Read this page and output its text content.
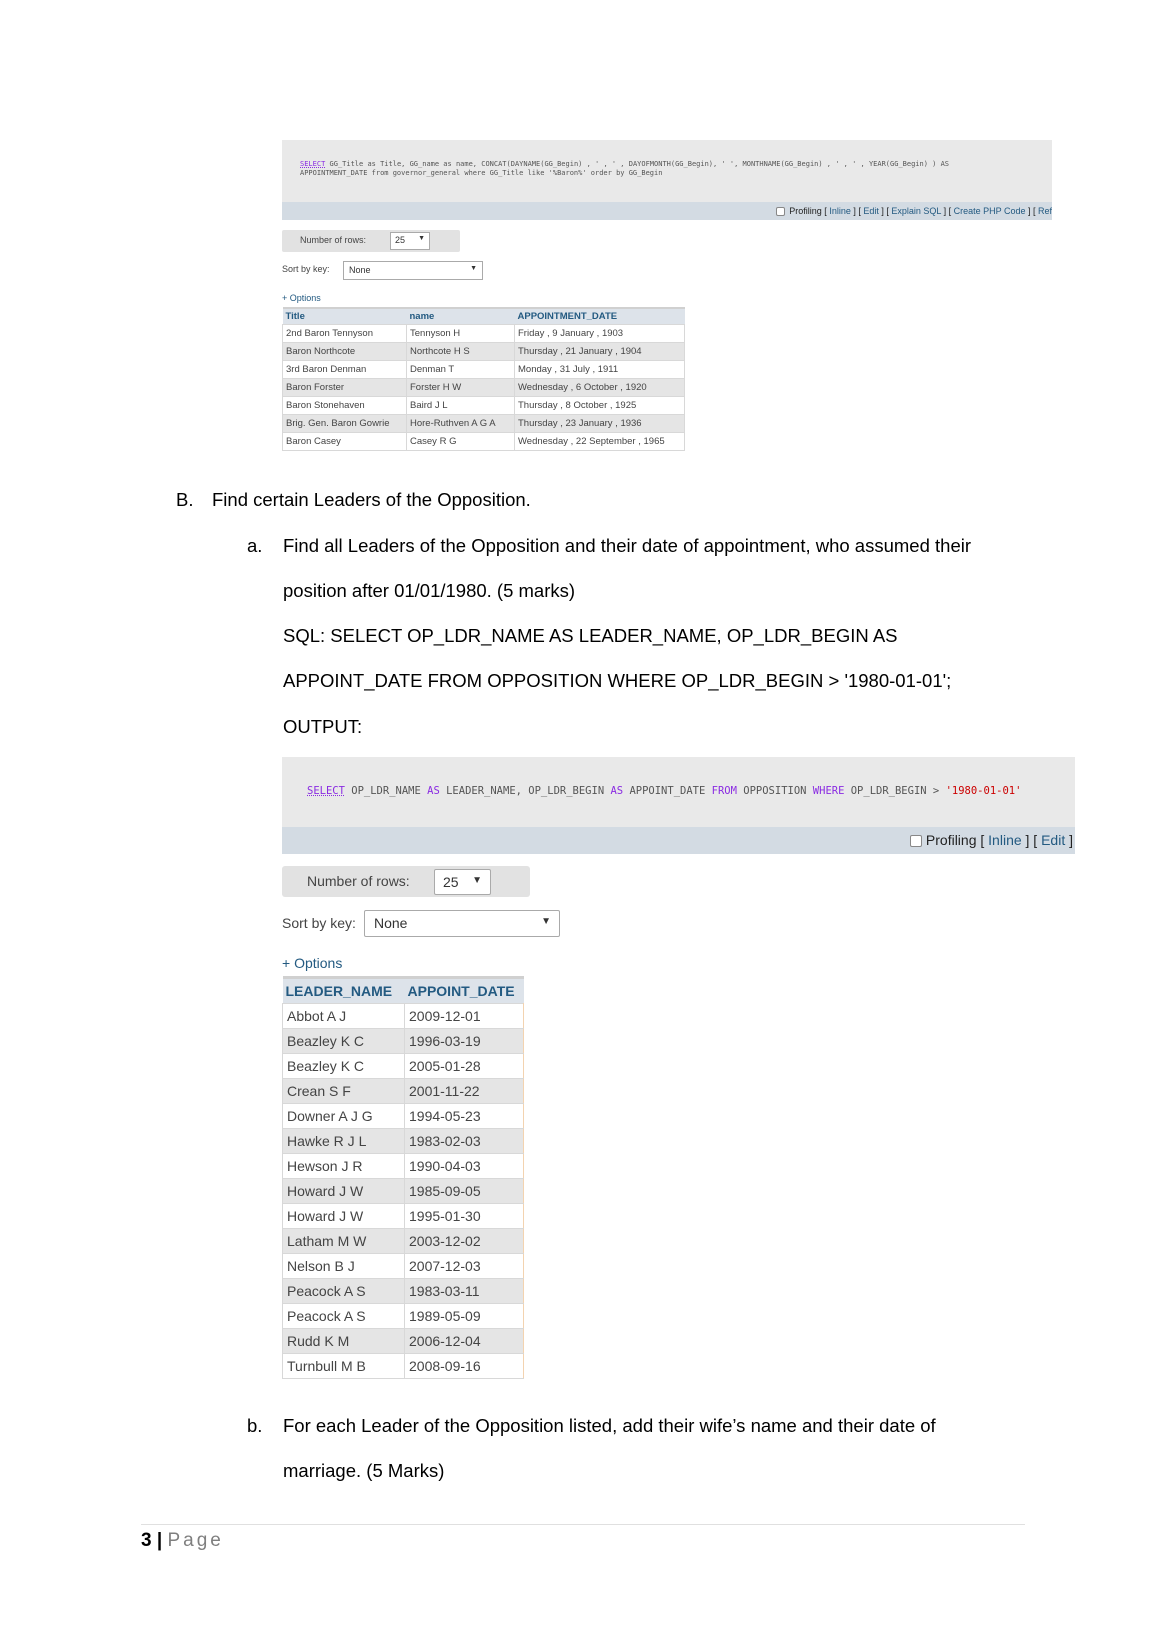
SELECT GG_Title as Title, GG_name as name, CONCAT(DAYNAME(GG_Begin) , ' , ' , DAYOFMONTH(GG_Begin), ' ', MONTHNAME(GG_Begin) , ' , ' , YEAR(GG_Begin) ) AS
APPOINTMENT_DATE from governor_general where GG_Title like '%Baron%' order by GG_Begin
Profiling [ Inline ] [ Edit ] [ Explain SQL ] [ Create PHP Code ] [ Ref
Number of rows:	25 ▼
Sort by key: None	▼
+ Options
Title	name	APPOINTMENT_DATE
2nd Baron Tennyson	Tennyson H	Friday , 9 January , 1903
Baron Northcote	Northcote H S	Thursday , 21 January , 1904
3rd Baron Denman	Denman T	Monday , 31 July , 1911
Baron Forster	Forster H W	Wednesday , 6 October , 1920
Baron Stonehaven	Baird J L	Thursday , 8 October , 1925
Brig. Gen. Baron Gowrie	Hore-Ruthven A G A	Thursday , 23 January , 1936
Baron Casey	Casey R G	Wednesday , 22 September , 1965
B. Find certain Leaders of the Opposition.
a. Find all Leaders of the Opposition and their date of appointment, who assumed their
position after 01/01/1980. (5 marks)
SQL: SELECT OP_LDR_NAME AS LEADER_NAME, OP_LDR_BEGIN AS
APPOINT_DATE FROM OPPOSITION WHERE OP_LDR_BEGIN > '1980-01-01';
OUTPUT:
SELECT OP_LDR_NAME AS LEADER_NAME, OP_LDR_BEGIN AS APPOINT_DATE FROM OPPOSITION WHERE OP_LDR_BEGIN > '1980-01-01'
Profiling [ Inline ] [ Edit ]
Number of rows: 25 ▼
Sort by key: None	▼
+ Options
LEADER_NAME	APPOINT_DATE
Abbot A J	2009-12-01
Beazley K C	1996-03-19
Beazley K C	2005-01-28
Crean S F	2001-11-22
Downer A J G	1994-05-23
Hawke R J L	1983-02-03
Hewson J R	1990-04-03
Howard J W	1985-09-05
Howard J W	1995-01-30
Latham M W	2003-12-02
Nelson B J	2007-12-03
Peacock A S	1983-03-11
Peacock A S	1989-05-09
Rudd K M	2006-12-04
Turnbull M B	2008-09-16
b. For each Leader of the Opposition listed, add their wife’s name and their date of
marriage. (5 Marks)
3 | Page
